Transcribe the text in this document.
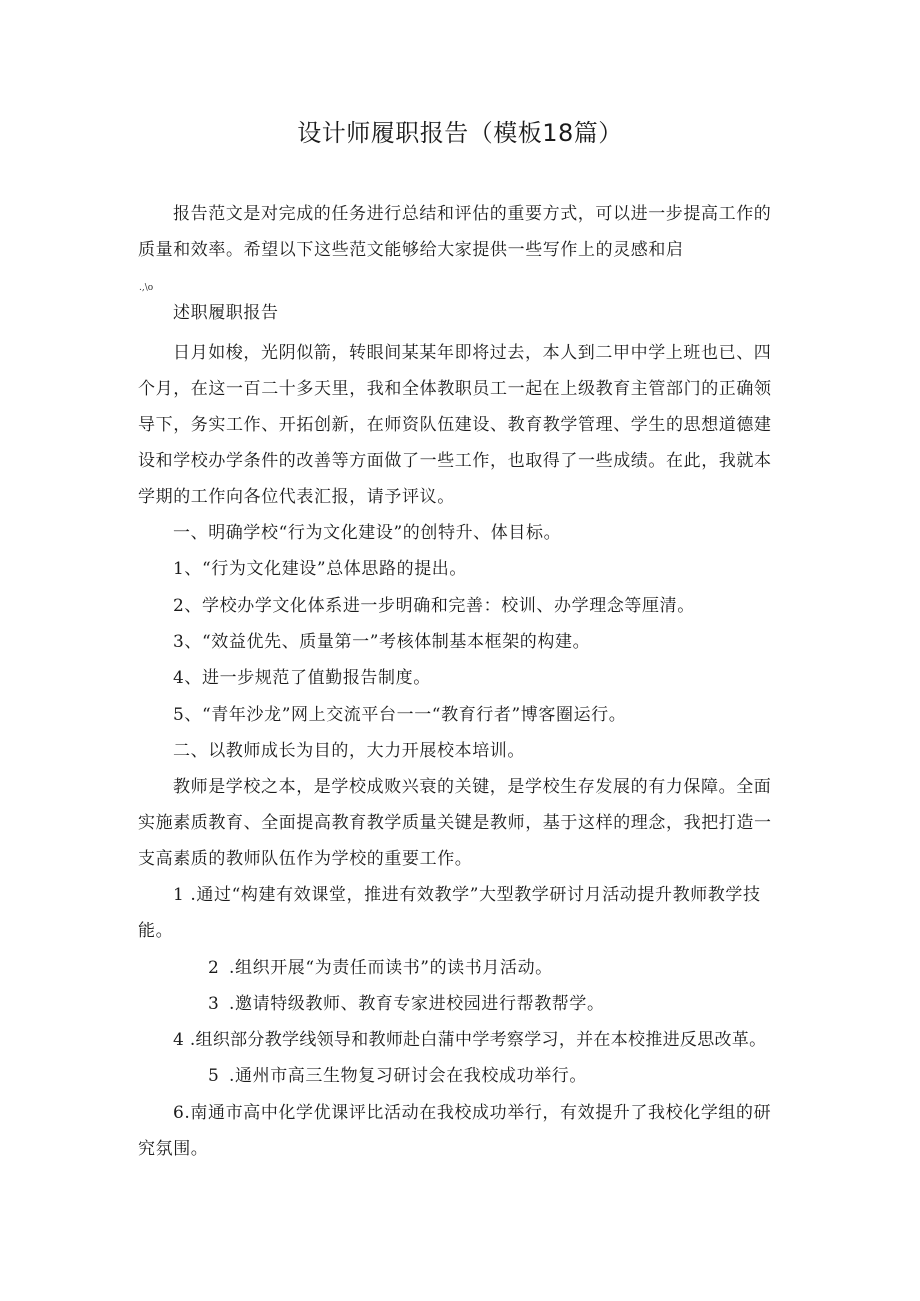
设计师履职报告（模板18篇）

报告范文是对完成的任务进行总结和评估的重要方式，可以进一步提高工作的质量和效率。希望以下这些范文能够给大家提供一些写作上的灵感和启

.,\o

述职履职报告

日月如梭，光阴似箭，转眼间某某年即将过去，本人到二甲中学上班也已、四个月，在这一百二十多天里，我和全体教职员工一起在上级教育主管部门的正确领导下，务实工作、开拓创新，在师资队伍建设、教育教学管理、学生的思想道德建设和学校办学条件的改善等方面做了一些工作，也取得了一些成绩。在此，我就本学期的工作向各位代表汇报，请予评议。

一、明确学校“行为文化建设”的创特升、体目标。

1、“行为文化建设”总体思路的提出。

2、学校办学文化体系进一步明确和完善：校训、办学理念等厘清。

3、“效益优先、质量第一”考核体制基本框架的构建。

4、进一步规范了值勤报告制度。

5、“青年沙龙”网上交流平台一一“教育行者”博客圈运行。

二、以教师成长为目的，大力开展校本培训。

教师是学校之本，是学校成败兴衰的关键，是学校生存发展的有力保障。全面实施素质教育、全面提高教育教学质量关键是教师，基于这样的理念，我把打造一支高素质的教师队伍作为学校的重要工作。

1 .通过“构建有效课堂，推进有效教学”大型教学研讨月活动提升教师教学技能。

2 .组织开展“为责任而读书”的读书月活动。

3 .邀请特级教师、教育专家进校园进行帮教帮学。

4 .组织部分教学线领导和教师赴白蒲中学考察学习，并在本校推进反思改革。

5 .通州市高三生物复习研讨会在我校成功举行。

6.南通市高中化学优课评比活动在我校成功举行，有效提升了我校化学组的研究氛围。
